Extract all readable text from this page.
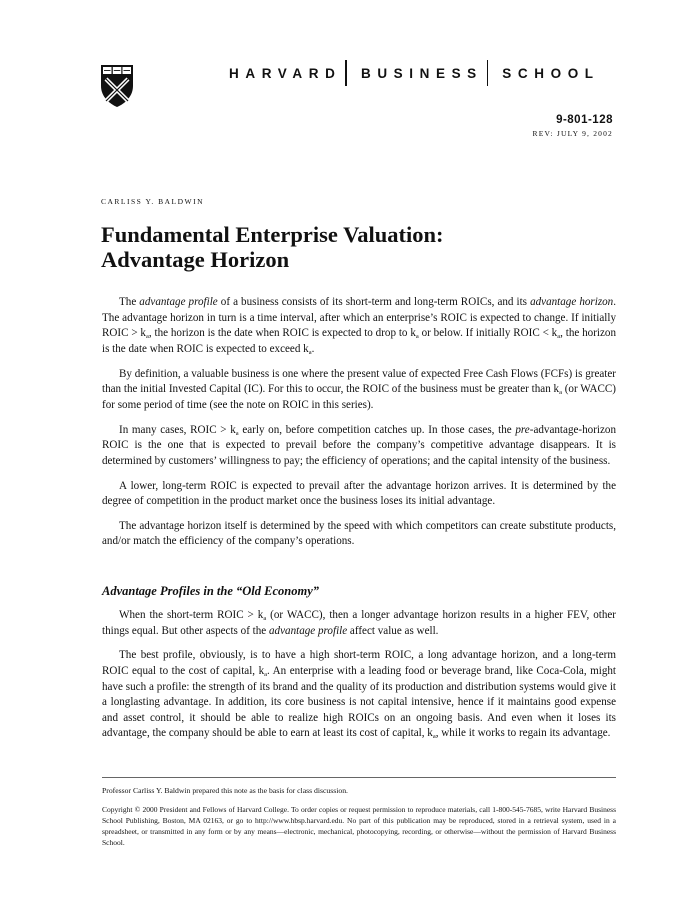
HARVARD BUSINESS SCHOOL
9-801-128
REV: JULY 9, 2002
CARLISS Y. BALDWIN
Fundamental Enterprise Valuation:
Advantage Horizon

The advantage profile of a business consists of its short-term and long-term ROICs, and its advantage horizon. The advantage horizon in turn is a time interval, after which an enterprise’s ROIC is expected to change. If initially ROIC > $k_a$, the horizon is the date when ROIC is expected to drop to $k_a$ or below. If initially ROIC < $k_a$, the horizon is the date when ROIC is expected to exceed $k_a$.

By definition, a valuable business is one where the present value of expected Free Cash Flows (FCFs) is greater than the initial Invested Capital (IC). For this to occur, the ROIC of the business must be greater than $k_a$ (or WACC) for some period of time (see the note on ROIC in this series).

In many cases, ROIC > $k_a$ early on, before competition catches up. In those cases, the pre-advantage-horizon ROIC is the one that is expected to prevail before the company’s competitive advantage disappears. It is determined by customers’ willingness to pay; the efficiency of operations; and the capital intensity of the business.

A lower, long-term ROIC is expected to prevail after the advantage horizon arrives. It is determined by the degree of competition in the product market once the business loses its initial advantage.

The advantage horizon itself is determined by the speed with which competitors can create substitute products, and/or match the efficiency of the company’s operations.

Advantage Profiles in the “Old Economy”

When the short-term ROIC > $k_a$ (or WACC), then a longer advantage horizon results in a higher FEV, other things equal. But other aspects of the advantage profile affect value as well.

The best profile, obviously, is to have a high short-term ROIC, a long advantage horizon, and a long-term ROIC equal to the cost of capital, $k_a$. An enterprise with a leading food or beverage brand, like Coca-Cola, might have such a profile: the strength of its brand and the quality of its production and distribution systems would give it a longlasting advantage. In addition, its core business is not capital intensive, hence if it maintains good expense and asset control, it should be able to realize high ROICs on an ongoing basis. And even when it loses its advantage, the company should be able to earn at least its cost of capital, $k_a$, while it works to regain its advantage.

Professor Carliss Y. Baldwin prepared this note as the basis for class discussion.

Copyright © 2000 President and Fellows of Harvard College. To order copies or request permission to reproduce materials, call 1-800-545-7685, write Harvard Business School Publishing, Boston, MA 02163, or go to http://www.hbsp.harvard.edu. No part of this publication may be reproduced, stored in a retrieval system, used in a spreadsheet, or transmitted in any form or by any means—electronic, mechanical, photocopying, recording, or otherwise—without the permission of Harvard Business School.
